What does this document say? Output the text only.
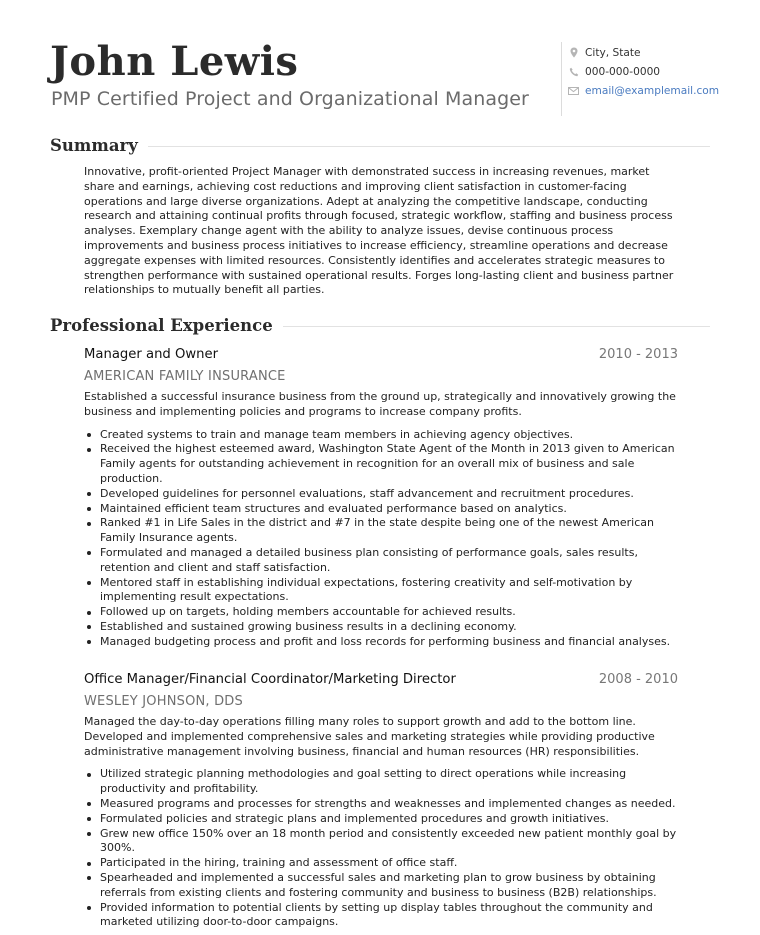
John Lewis
PMP Certified Project and Organizational Manager
City, State
000-000-0000
email@examplemail.com
Summary

Innovative, profit-oriented Project Manager with demonstrated success in increasing revenues, market share and earnings, achieving cost reductions and improving client satisfaction in customer-facing operations and large diverse organizations. Adept at analyzing the competitive landscape, conducting research and attaining continual profits through focused, strategic workflow, staffing and business process analyses. Exemplary change agent with the ability to analyze issues, devise continuous process improvements and business process initiatives to increase efficiency, streamline operations and decrease aggregate expenses with limited resources. Consistently identifies and accelerates strategic measures to strengthen performance with sustained operational results. Forges long-lasting client and business partner relationships to mutually benefit all parties.

Professional Experience
Manager and Owner	2010 - 2013
AMERICAN FAMILY INSURANCE

Established a successful insurance business from the ground up, strategically and innovatively growing the business and implementing policies and programs to increase company profits.

Created systems to train and manage team members in achieving agency objectives.
Received the highest esteemed award, Washington State Agent of the Month in 2013 given to American Family agents for outstanding achievement in recognition for an overall mix of business and sale production.
Developed guidelines for personnel evaluations, staff advancement and recruitment procedures.
Maintained efficient team structures and evaluated performance based on analytics.
Ranked #1 in Life Sales in the district and #7 in the state despite being one of the newest American Family Insurance agents.
Formulated and managed a detailed business plan consisting of performance goals, sales results, retention and client and staff satisfaction.
Mentored staff in establishing individual expectations, fostering creativity and self-motivation by implementing result expectations.
Followed up on targets, holding members accountable for achieved results.
Established and sustained growing business results in a declining economy.
Managed budgeting process and profit and loss records for performing business and financial analyses.
Office Manager/Financial Coordinator/Marketing Director	2008 - 2010
WESLEY JOHNSON, DDS

Managed the day-to-day operations filling many roles to support growth and add to the bottom line. Developed and implemented comprehensive sales and marketing strategies while providing productive administrative management involving business, financial and human resources (HR) responsibilities.

Utilized strategic planning methodologies and goal setting to direct operations while increasing productivity and profitability.
Measured programs and processes for strengths and weaknesses and implemented changes as needed.
Formulated policies and strategic plans and implemented procedures and growth initiatives.
Grew new office 150% over an 18 month period and consistently exceeded new patient monthly goal by 300%.
Participated in the hiring, training and assessment of office staff.
Spearheaded and implemented a successful sales and marketing plan to grow business by obtaining referrals from existing clients and fostering community and business to business (B2B) relationships.
Provided information to potential clients by setting up display tables throughout the community and marketed utilizing door-to-door campaigns.
